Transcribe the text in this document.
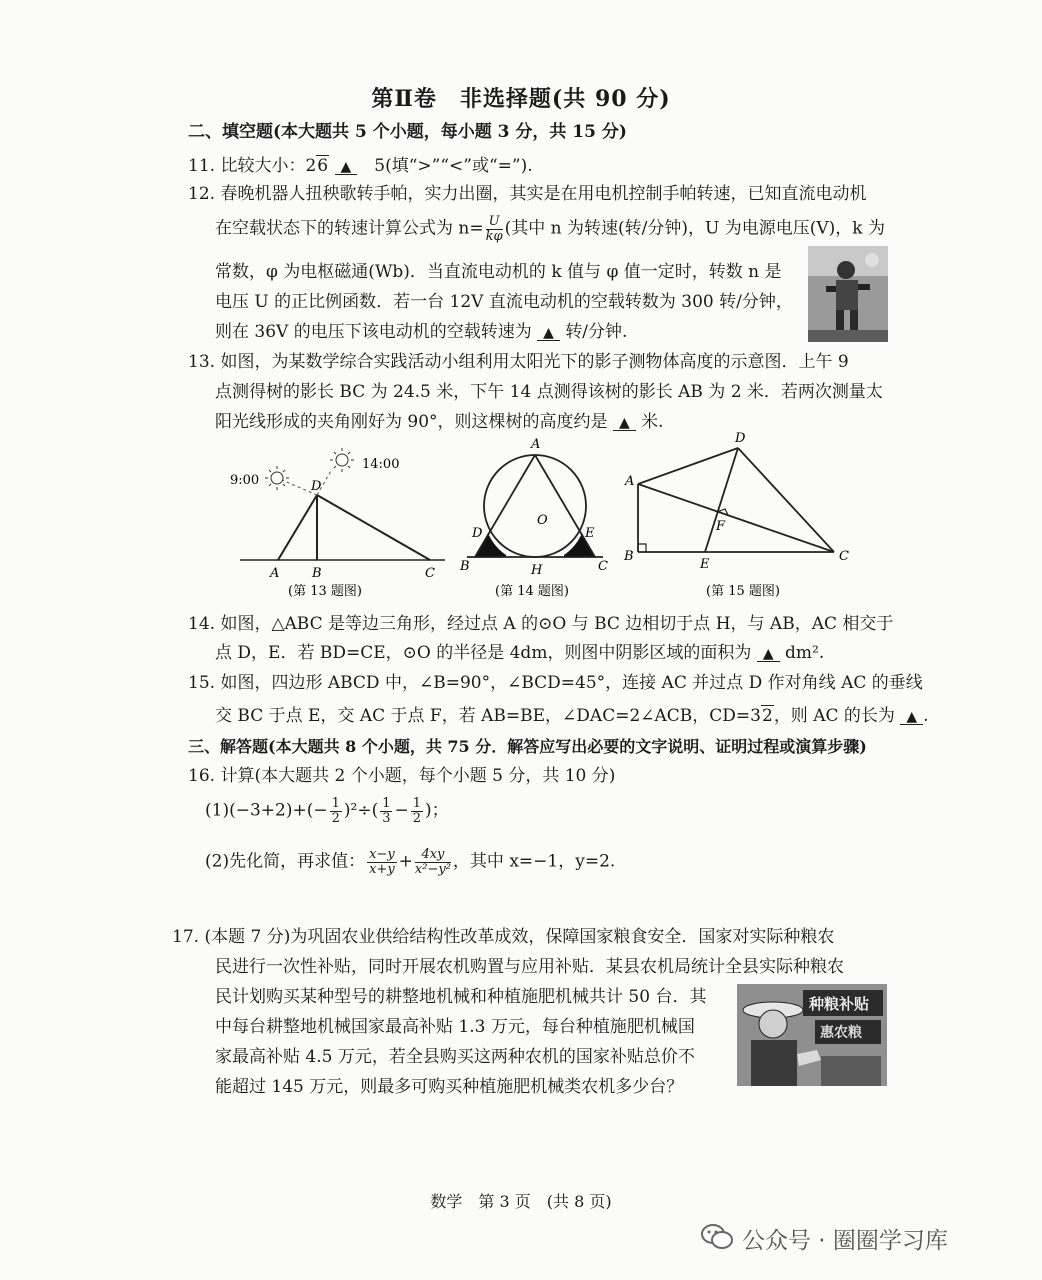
第Ⅱ卷　非选择题(共 90 分)
二、填空题(本大题共 5 个小题，每小题 3 分，共 15 分)
11. 比较大小：26 ▲　5(填“>”“<”或“=”).
12. 春晚机器人扭秧歌转手帕，实力出圈，其实是在用电机控制手帕转速，已知直流电动机
在空载状态下的转速计算公式为 $n= \frac{U}{k\varphi}$ (其中 n 为转速(转/分钟)，U 为电源电压(V)，k 为
常数，φ 为电枢磁通(Wb)．当直流电动机的 k 值与 φ 值一定时，转数 n 是
电压 U 的正比例函数．若一台 12V 直流电动机的空载转数为 300 转/分钟，
则在 36V 的电压下该电动机的空载转速为 ▲ 转/分钟.
13. 如图，为某数学综合实践活动小组利用太阳光下的影子测物体高度的示意图．上午 9
点测得树的影长 BC 为 24.5 米，下午 14 点测得该树的影长 AB 为 2 米．若两次测量太
阳光线形成的夹角刚好为 90°，则这棵树的高度约是 ▲ 米.
9:00
14:00
D
A	B	C
(第 13 题图)
A
O
D	E
B	H	C
(第 14 题图)
D
A
F
B
E
C
(第 15 题图)
14. 如图，△ABC 是等边三角形，经过点 A 的⊙O 与 BC 边相切于点 H，与 AB，AC 相交于
点 D，E．若 BD=CE，⊙O 的半径是 4dm，则图中阴影区域的面积为 ▲ dm².
15. 如图，四边形 ABCD 中，∠B=90°，∠BCD=45°，连接 AC 并过点 D 作对角线 AC 的垂线
交 BC 于点 E，交 AC 于点 F，若 AB=BE，∠DAC=2∠ACB，CD=32，则 AC 的长为 ▲ .
三、解答题(本大题共 8 个小题，共 75 分．解答应写出必要的文字说明、证明过程或演算步骤)
16. 计算(本大题共 2 个小题，每个小题 5 分，共 10 分)
$(1)(-3+2)+(- \frac{1}{2} )^2\div( \frac{1}{3} - \frac{1}{2}$ )；
(2)先化简，再求值： $\frac{x-y}{x+y} + \frac{4xy}{\text{x²−y²}}$ ，其中 x=−1，y=2.
17. (本题 7 分)为巩固农业供给结构性改革成效，保障国家粮食安全．国家对实际种粮农
民进行一次性补贴，同时开展农机购置与应用补贴．某县农机局统计全县实际种粮农
民计划购买某种型号的耕整地机械和种植施肥机械共计 50 台．其
中每台耕整地机械国家最高补贴 1.3 万元，每台种植施肥机械国
家最高补贴 4.5 万元，若全县购买这两种农机的国家补贴总价不
能超过 145 万元，则最多可购买种植施肥机械类农机多少台？
种粮补贴
惠农粮
数学　第 3 页　(共 8 页)
公众号 · 圈圈学习库
